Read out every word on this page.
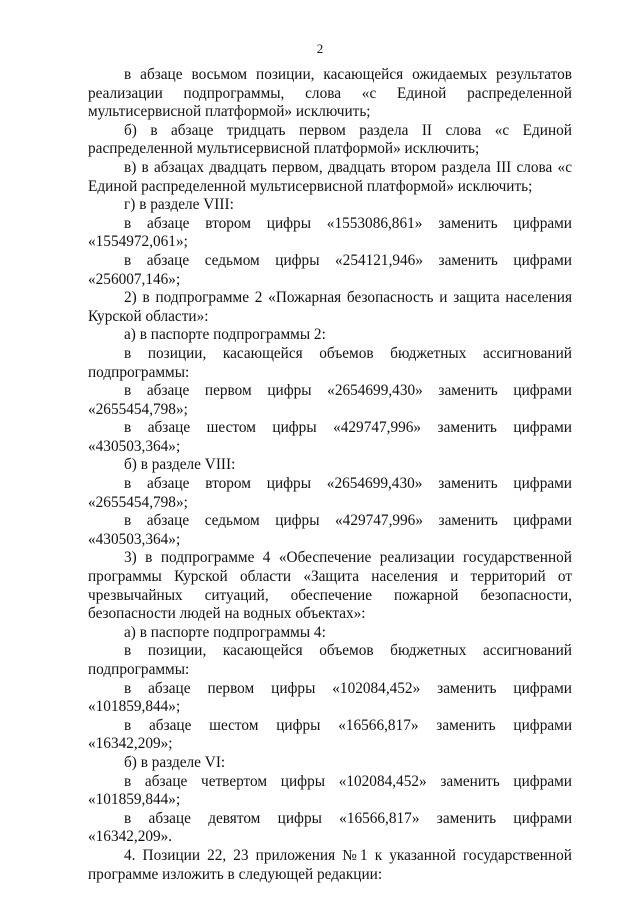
2

в абзаце восьмом позиции, касающейся ожидаемых результатов реализации подпрограммы, слова «с Единой распределенной мультисервисной платформой» исключить;

б) в абзаце тридцать первом раздела II слова «с Единой распределенной мультисервисной платформой» исключить;

в) в абзацах двадцать первом, двадцать втором раздела III слова «с Единой распределенной мультисервисной платформой» исключить;

г) в разделе VIII:

в абзаце втором цифры «1553086,861» заменить цифрами

«1554972,061»;

в абзаце седьмом цифры «254121,946» заменить цифрами

«256007,146»;

2) в подпрограмме 2 «Пожарная безопасность и защита населения Курской области»:

а) в паспорте подпрограммы 2:

в позиции, касающейся объемов бюджетных ассигнований подпрограммы:

в абзаце первом цифры «2654699,430» заменить цифрами

«2655454,798»;

в абзаце шестом цифры «429747,996» заменить цифрами

«430503,364»;

б) в разделе VIII:

в абзаце втором цифры «2654699,430» заменить цифрами

«2655454,798»;

в абзаце седьмом цифры «429747,996» заменить цифрами

«430503,364»;

3) в подпрограмме 4 «Обеспечение реализации государственной программы Курской области «Защита населения и территорий от чрезвычайных ситуаций, обеспечение пожарной безопасности, безопасности людей на водных объектах»:

а) в паспорте подпрограммы 4:

в позиции, касающейся объемов бюджетных ассигнований подпрограммы:

в абзаце первом цифры «102084,452» заменить цифрами

«101859,844»;

в абзаце шестом цифры «16566,817» заменить цифрами «16342,209»;

б) в разделе VI:

в абзаце четвертом цифры «102084,452» заменить цифрами

«101859,844»;

в абзаце девятом цифры «16566,817» заменить цифрами «16342,209».

4. Позиции 22, 23 приложения №1 к указанной государственной программе изложить в следующей редакции:
